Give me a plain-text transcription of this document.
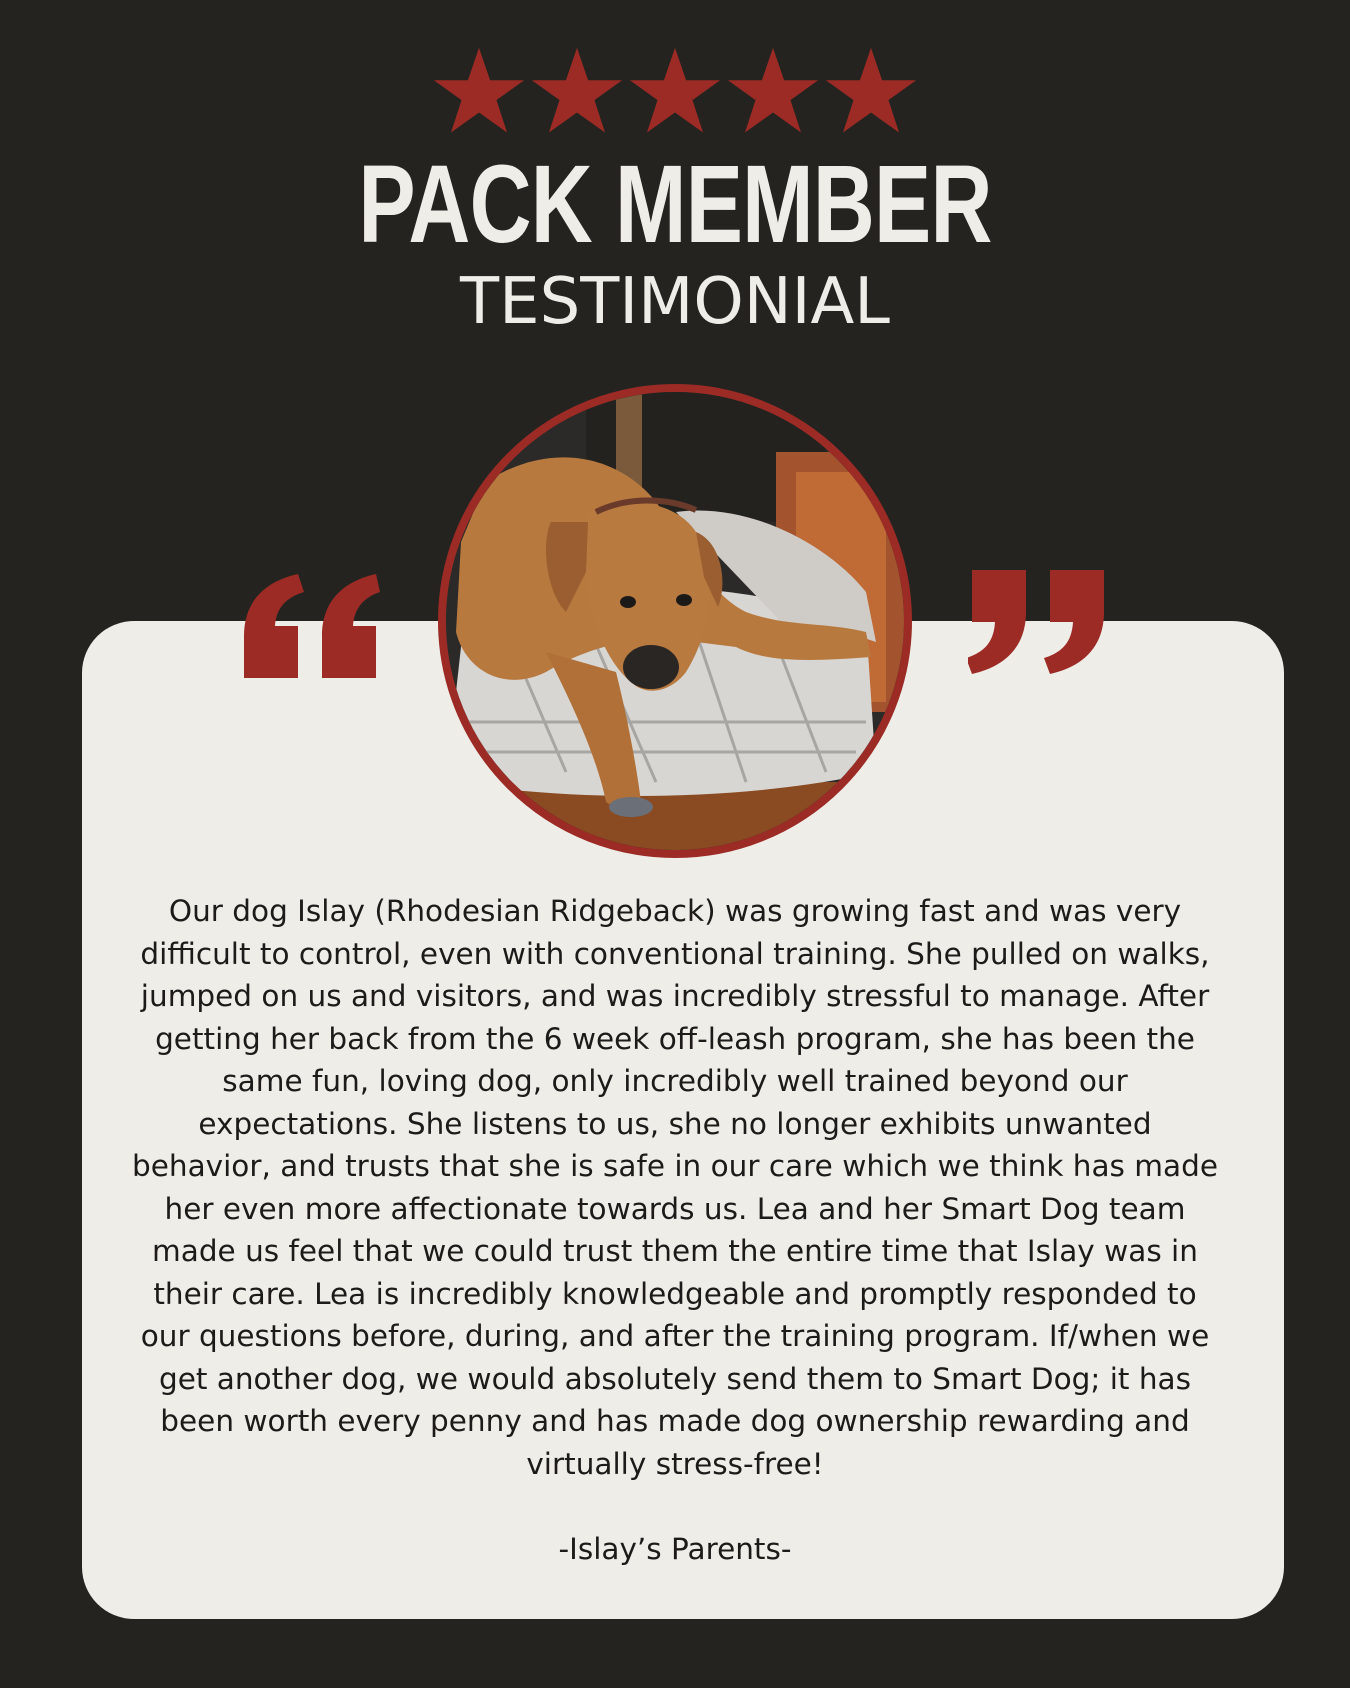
PACK MEMBER
TESTIMONIAL

Our dog Islay (Rhodesian Ridgeback) was growing fast and was very difficult to control, even with conventional training. She pulled on walks, jumped on us and visitors, and was incredibly stressful to manage. After getting her back from the 6 week off-leash program, she has been the same fun, loving dog, only incredibly well trained beyond our expectations. She listens to us, she no longer exhibits unwanted behavior, and trusts that she is safe in our care which we think has made her even more affectionate towards us. Lea and her Smart Dog team made us feel that we could trust them the entire time that Islay was in their care. Lea is incredibly knowledgeable and promptly responded to our questions before, during, and after the training program. If/when we get another dog, we would absolutely send them to Smart Dog; it has been worth every penny and has made dog ownership rewarding and virtually stress-free!

-Islay’s Parents-
